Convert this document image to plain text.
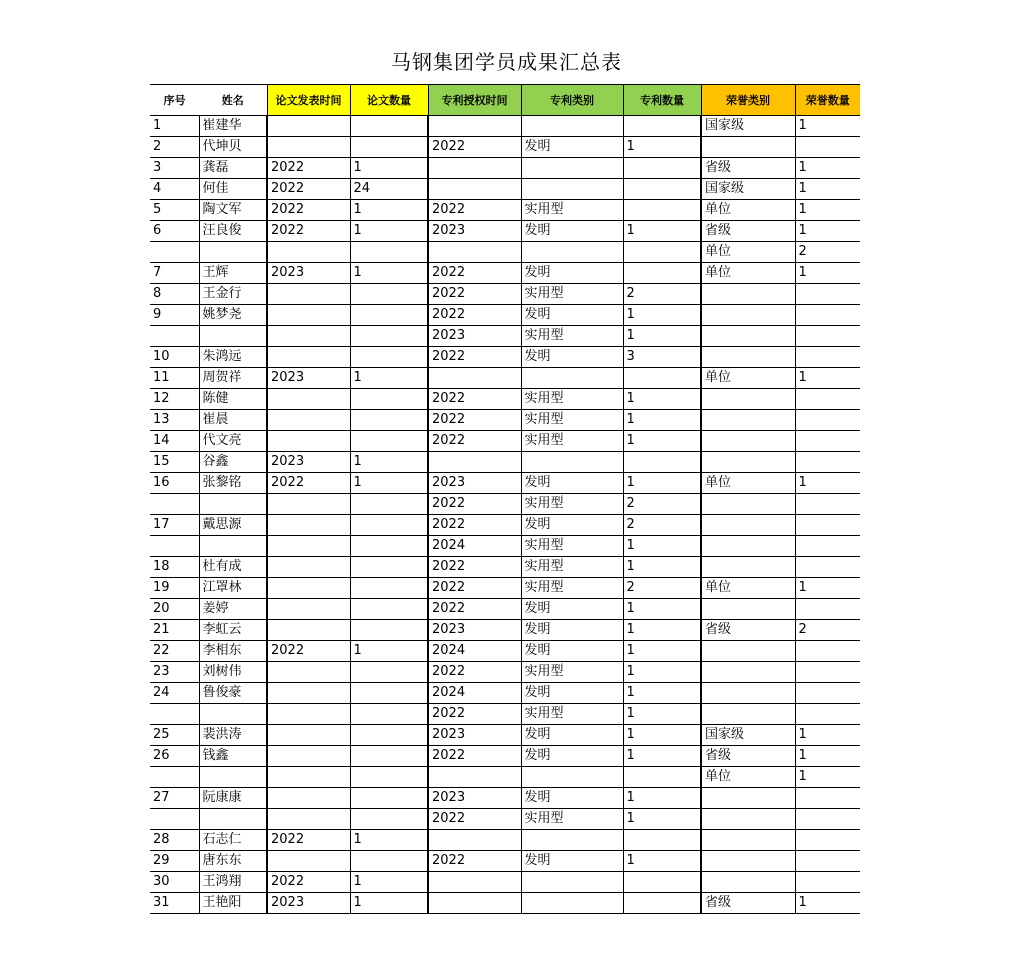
马钢集团学员成果汇总表
序号	姓名	论文发表时间	论文数量	专利授权时间	专利类别	专利数量	荣誉类别	荣誉数量
1	崔建华						国家级	1
2	代坤贝			2022	发明	1		
3	龚磊	2022	1				省级	1
4	何佳	2022	24				国家级	1
5	陶文军	2022	1	2022	实用型		单位	1
6	汪良俊	2022	1	2023	发明	1	省级	1
							单位	2
7	王辉	2023	1	2022	发明		单位	1
8	王金行			2022	实用型	2		
9	姚梦尧			2022	发明	1		
				2023	实用型	1		
10	朱鸿远			2022	发明	3		
11	周贺祥	2023	1				单位	1
12	陈健			2022	实用型	1		
13	崔晨			2022	实用型	1		
14	代文亮			2022	实用型	1		
15	谷鑫	2023	1					
16	张黎铭	2022	1	2023	发明	1	单位	1
				2022	实用型	2		
17	戴思源			2022	发明	2		
				2024	实用型	1		
18	杜有成			2022	实用型	1		
19	江罩林			2022	实用型	2	单位	1
20	姜婷			2022	发明	1		
21	李虹云			2023	发明	1	省级	2
22	李相东	2022	1	2024	发明	1		
23	刘树伟			2022	实用型	1		
24	鲁俊豪			2024	发明	1		
				2022	实用型	1		
25	裴洪涛			2023	发明	1	国家级	1
26	钱鑫			2022	发明	1	省级	1
							单位	1
27	阮康康			2023	发明	1		
				2022	实用型	1		
28	石志仁	2022	1					
29	唐东东			2022	发明	1		
30	王鸿翔	2022	1					
31	王艳阳	2023	1				省级	1
